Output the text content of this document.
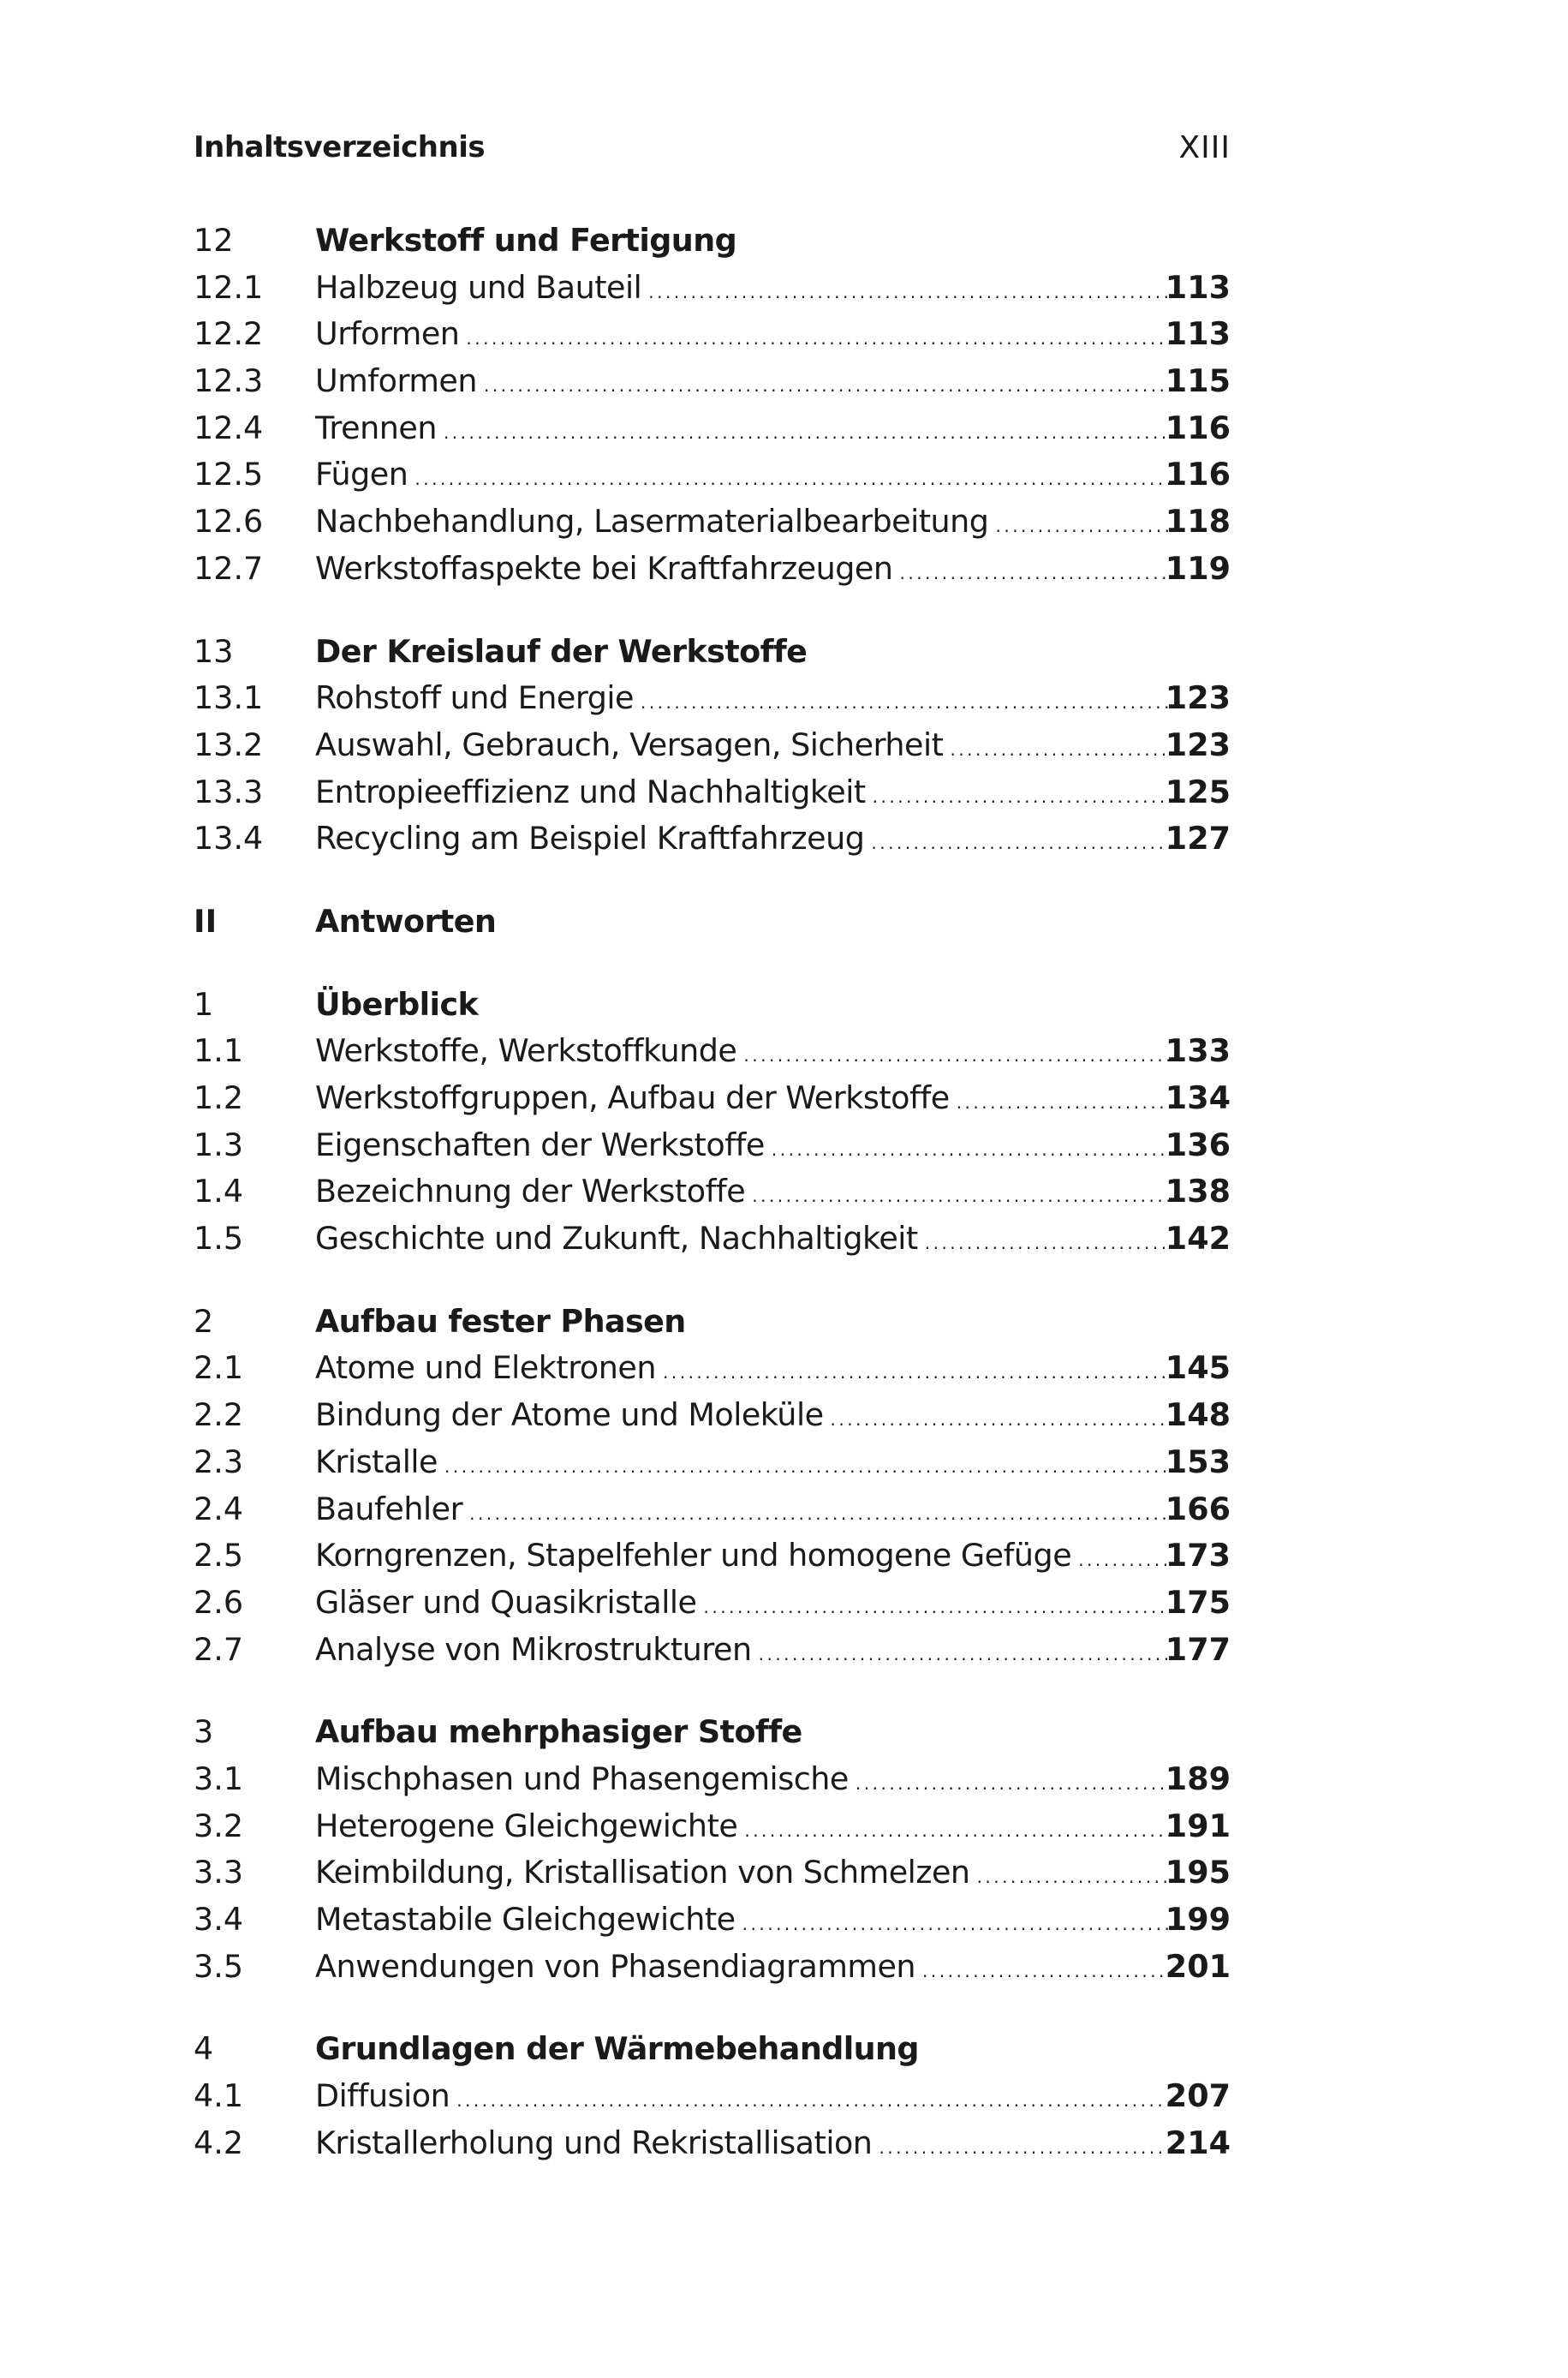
Inhaltsverzeichnis	XIII
12	Werkstoff und Fertigung
12.1 Halbzeug und Bauteil .....	113
12.2 Urformen .....	113
12.3 Umformen .....	115
12.4 Trennen .....	116
12.5 Fügen .....	116
12.6 Nachbehandlung, Lasermaterialbearbeitung .....	118
12.7 Werkstoffaspekte bei Kraftfahrzeugen .....	119
13	Der Kreislauf der Werkstoffe
13.1 Rohstoff und Energie .....	123
13.2 Auswahl, Gebrauch, Versagen, Sicherheit .....	123
13.3 Entropieeffizienz und Nachhaltigkeit .....	125
13.4 Recycling am Beispiel Kraftfahrzeug .....	127
II	Antworten
1	Überblick
1.1 Werkstoffe, Werkstoffkunde .....	133
1.2 Werkstoffgruppen, Aufbau der Werkstoffe .....	134
1.3 Eigenschaften der Werkstoffe .....	136
1.4 Bezeichnung der Werkstoffe .....	138
1.5 Geschichte und Zukunft, Nachhaltigkeit .....	142
2	Aufbau fester Phasen
2.1 Atome und Elektronen .....	145
2.2 Bindung der Atome und Moleküle .....	148
2.3 Kristalle .....	153
2.4 Baufehler .....	166
2.5 Korngrenzen, Stapelfehler und homogene Gefüge .....	173
2.6 Gläser und Quasikristalle .....	175
2.7 Analyse von Mikrostrukturen .....	177
3	Aufbau mehrphasiger Stoffe
3.1 Mischphasen und Phasengemische .....	189
3.2 Heterogene Gleichgewichte .....	191
3.3 Keimbildung, Kristallisation von Schmelzen .....	195
3.4 Metastabile Gleichgewichte .....	199
3.5 Anwendungen von Phasendiagrammen .....	201
4	Grundlagen der Wärmebehandlung
4.1 Diffusion .....	207
4.2 Kristallerholung und Rekristallisation .....	214
